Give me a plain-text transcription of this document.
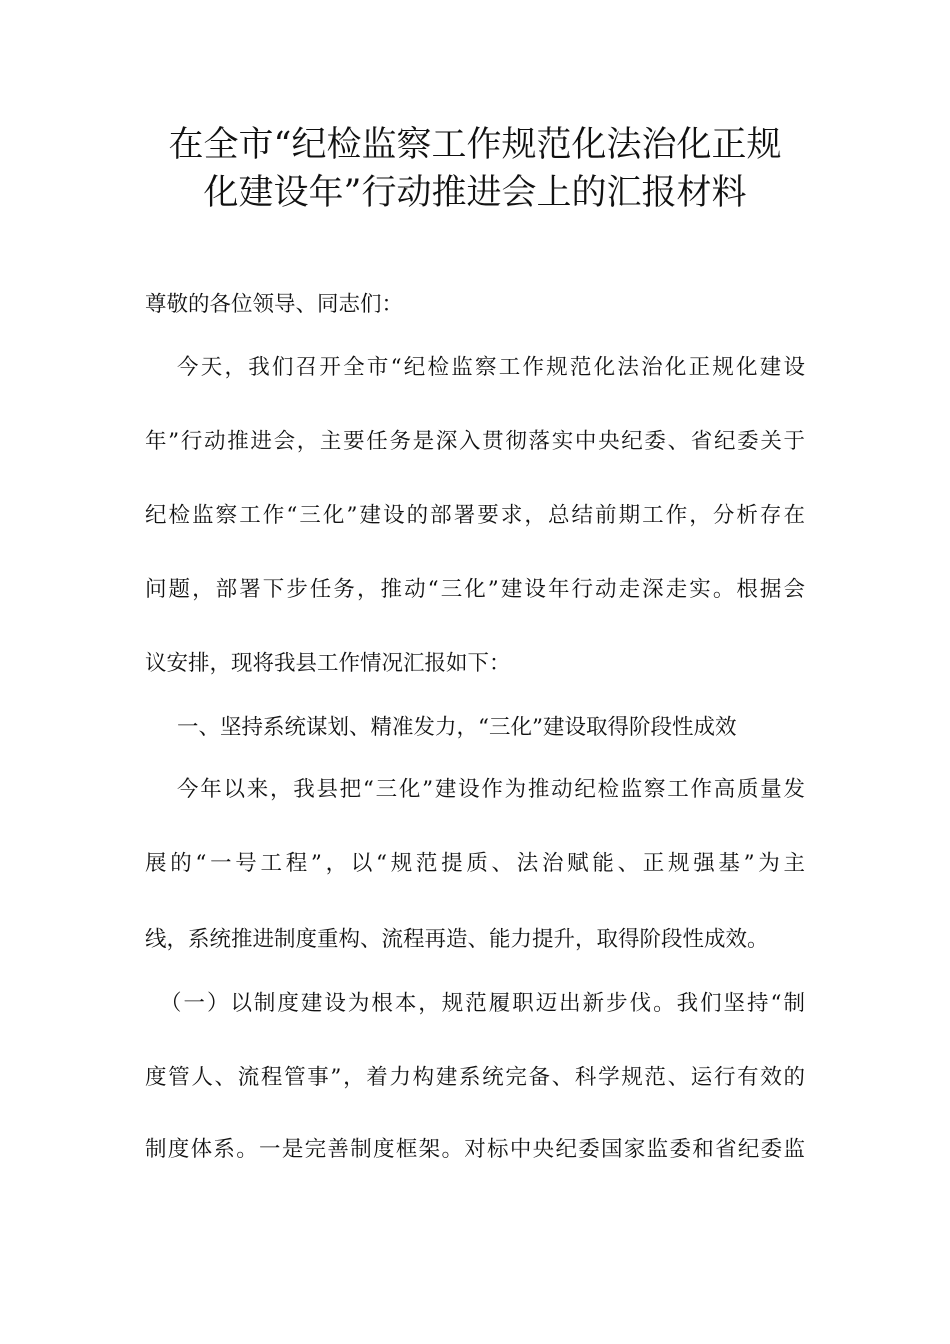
在全市“纪检监察工作规范化法治化正规
化建设年”行动推进会上的汇报材料
尊敬的各位领导、同志们：
今天，我们召开全市“纪检监察工作规范化法治化正规化建设
年”行动推进会，主要任务是深入贯彻落实中央纪委、省纪委关于
纪检监察工作“三化”建设的部署要求，总结前期工作，分析存在
问题，部署下步任务，推动“三化”建设年行动走深走实。根据会
议安排，现将我县工作情况汇报如下：
一、坚持系统谋划、精准发力，“三化”建设取得阶段性成效
今年以来，我县把“三化”建设作为推动纪检监察工作高质量发
展的“一号工程”，以“规范提质、法治赋能、正规强基”为主
线，系统推进制度重构、流程再造、能力提升，取得阶段性成效。
（一）以制度建设为根本，规范履职迈出新步伐。我们坚持“制
度管人、流程管事”，着力构建系统完备、科学规范、运行有效的
制度体系。一是完善制度框架。对标中央纪委国家监委和省纪委监
